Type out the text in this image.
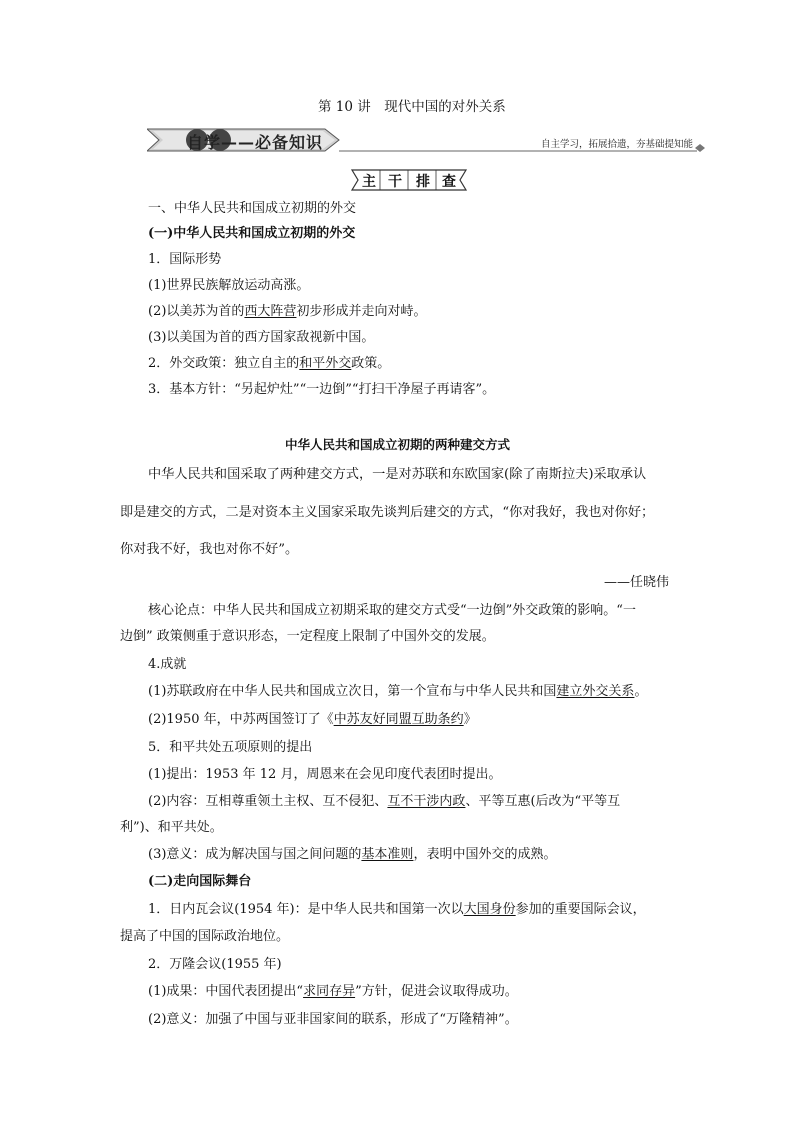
第 10 讲　现代中国的对外关系
自学——必备知识	自主学习，拓展拾遗，夯基础提知能
主 干 排 查
一、中华人民共和国成立初期的外交
(一)中华人民共和国成立初期的外交
1．国际形势
(1)世界民族解放运动高涨。
(2)以美苏为首的西大阵营初步形成并走向对峙。
(3)以美国为首的西方国家敌视新中国。
2．外交政策：独立自主的和平外交政策。
3．基本方针：“另起炉灶”“一边倒”“打扫干净屋子再请客”。
中华人民共和国成立初期的两种建交方式
中华人民共和国采取了两种建交方式，一是对苏联和东欧国家(除了南斯拉夫)采取承认
即是建交的方式，二是对资本主义国家采取先谈判后建交的方式，“你对我好，我也对你好；
你对我不好，我也对你不好”。
——任晓伟
核心论点：中华人民共和国成立初期采取的建交方式受“一边倒”外交政策的影响。“一
边倒” 政策侧重于意识形态，一定程度上限制了中国外交的发展。
4.成就
(1)苏联政府在中华人民共和国成立次日，第一个宣布与中华人民共和国建立外交关系。
(2)1950 年，中苏两国签订了《中苏友好同盟互助条约》
5．和平共处五项原则的提出
(1)提出：1953 年 12 月，周恩来在会见印度代表团时提出。
(2)内容：互相尊重领土主权、互不侵犯、互不干涉内政、平等互惠(后改为“平等互
利”)、和平共处。
(3)意义：成为解决国与国之间问题的基本准则，表明中国外交的成熟。
(二)走向国际舞台
1．日内瓦会议(1954 年)：是中华人民共和国第一次以大国身份参加的重要国际会议，
提高了中国的国际政治地位。
2．万隆会议(1955 年)
(1)成果：中国代表团提出“求同存异”方针，促进会议取得成功。
(2)意义：加强了中国与亚非国家间的联系，形成了“万隆精神”。
